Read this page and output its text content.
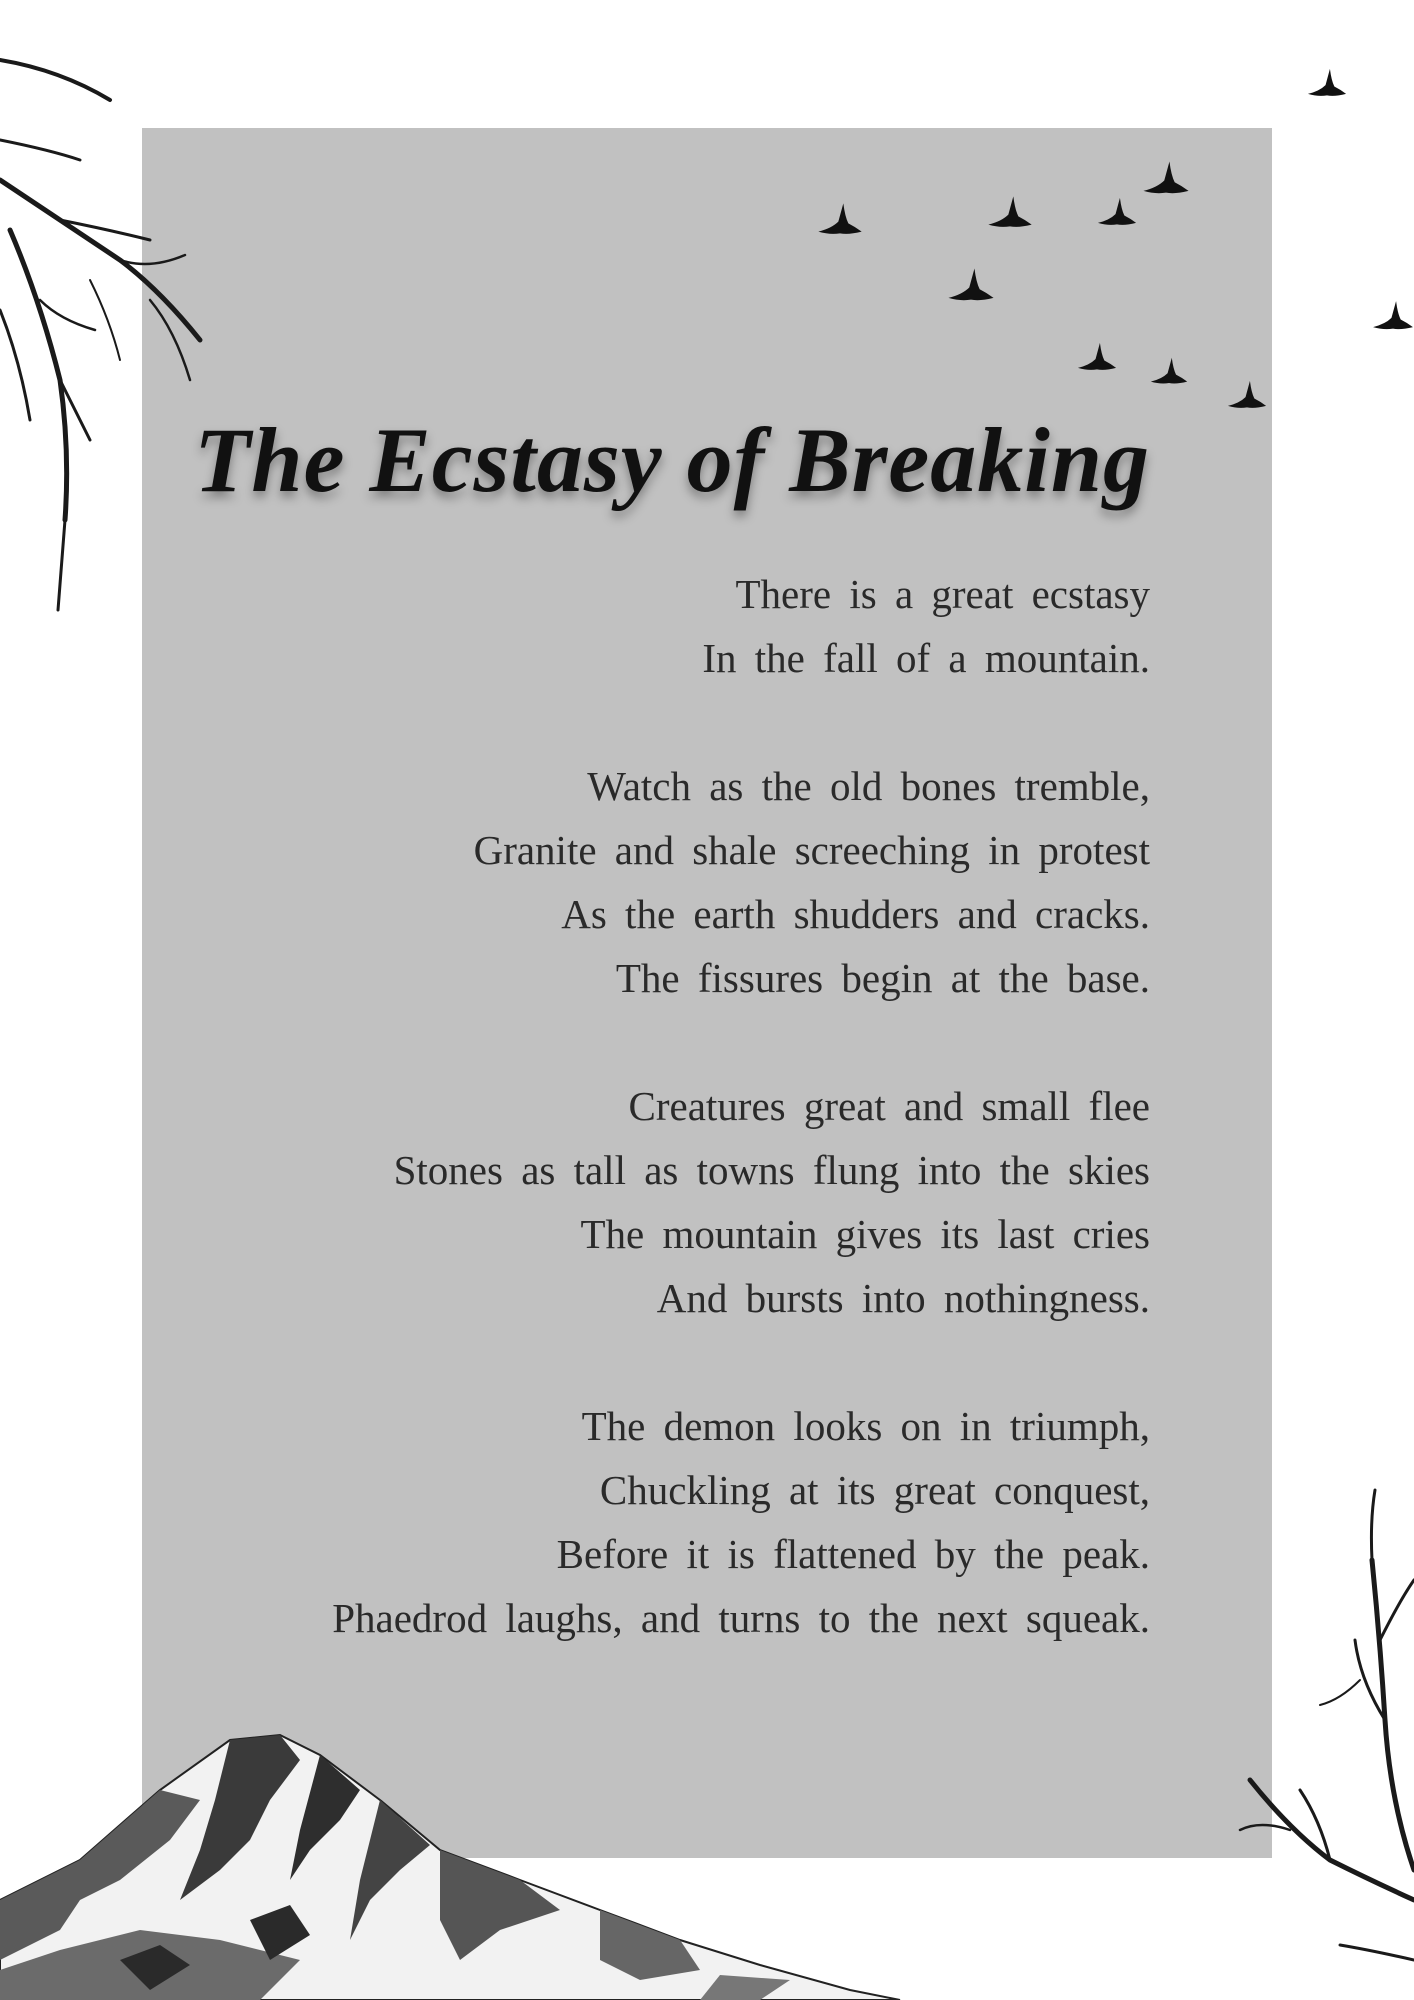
The Ecstasy of Breaking

There is a great ecstasy
In the fall of a mountain.

Watch as the old bones tremble,
Granite and shale screeching in protest
As the earth shudders and cracks.
The fissures begin at the base.

Creatures great and small flee
Stones as tall as towns flung into the skies
The mountain gives its last cries
And bursts into nothingness.

The demon looks on in triumph,
Chuckling at its great conquest,
Before it is flattened by the peak.
Phaedrod laughs, and turns to the next squeak.
